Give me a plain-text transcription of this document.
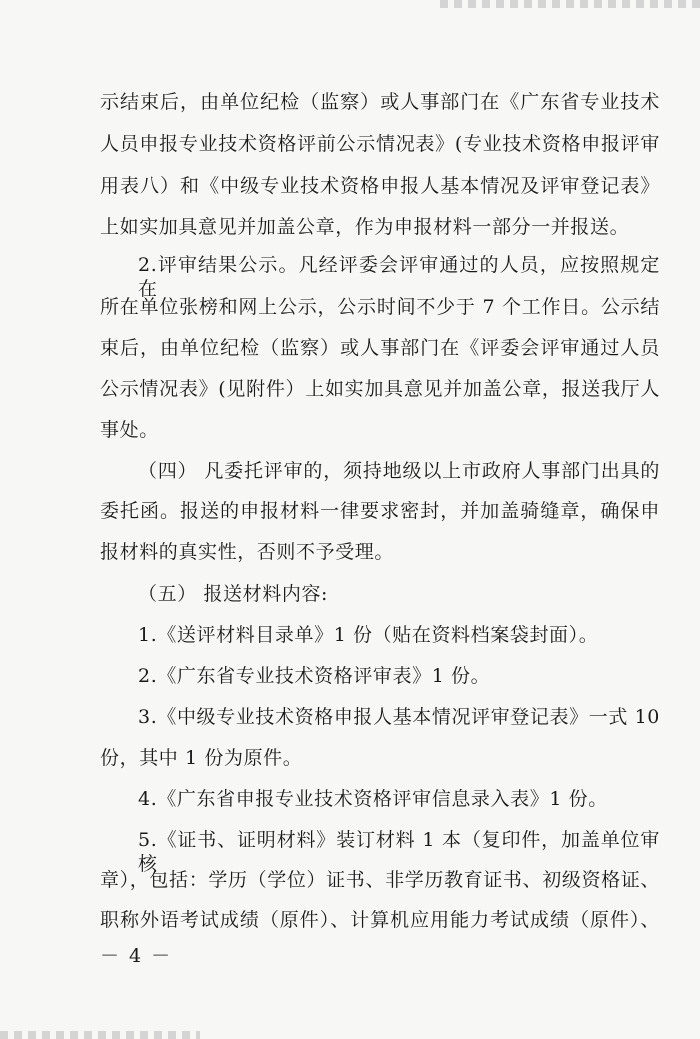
示结束后，由单位纪检（监察）或人事部门在《广东省专业技术
人员申报专业技术资格评前公示情况表》(专业技术资格申报评审
用表八）和《中级专业技术资格申报人基本情况及评审登记表》
上如实加具意见并加盖公章，作为申报材料一部分一并报送。
2.评审结果公示。凡经评委会评审通过的人员，应按照规定在
所在单位张榜和网上公示，公示时间不少于 7 个工作日。公示结
束后，由单位纪检（监察）或人事部门在《评委会评审通过人员
公示情况表》(见附件）上如实加具意见并加盖公章，报送我厅人
事处。
（四） 凡委托评审的，须持地级以上市政府人事部门出具的
委托函。报送的申报材料一律要求密封，并加盖骑缝章，确保申
报材料的真实性，否则不予受理。
（五） 报送材料内容:
1.《送评材料目录单》1 份（贴在资料档案袋封面）。
2.《广东省专业技术资格评审表》1 份。
3.《中级专业技术资格申报人基本情况评审登记表》一式 10
份，其中 1 份为原件。
4.《广东省申报专业技术资格评审信息录入表》1 份。
5.《证书、证明材料》装订材料 1 本（复印件，加盖单位审核
章），包括：学历（学位）证书、非学历教育证书、初级资格证、
职称外语考试成绩（原件）、计算机应用能力考试成绩（原件）、
－ 4 －
